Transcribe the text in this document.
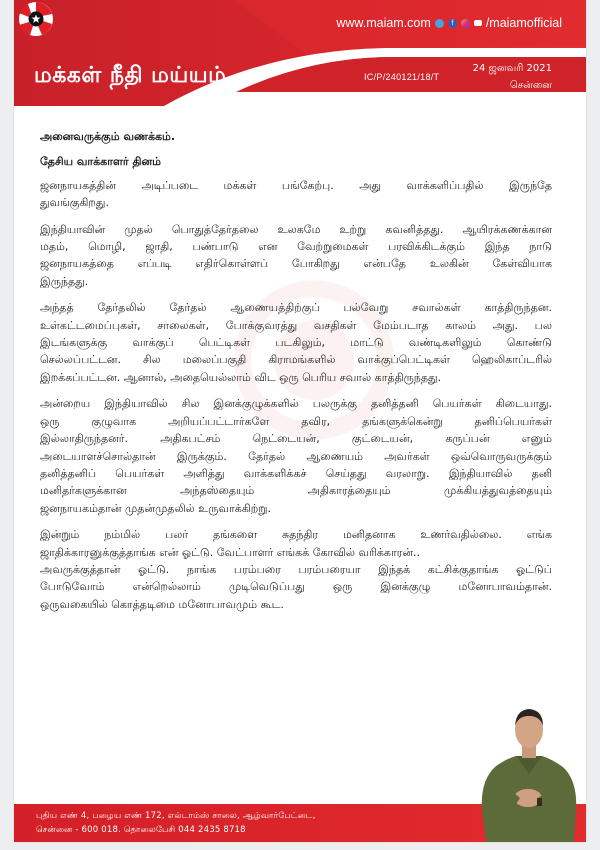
மக்கள் நீதி மய்யம்
www.maiam.com	f	/maiamofficial
IC/P/240121/18/T
24 ஜனவரி 2021
சென்னை

அனைவருக்கும் வணக்கம்.

தேசிய வாக்காளர் தினம்

ஜனநாயகத்தின் அடிப்படை மக்கள் பங்கேற்பு. அது வாக்களிப்பதில் இருந்தே
துவங்குகிறது.
இந்தியாவின் முதல் பொதுத்தேர்தலை உலகமே உற்று கவனித்தது. ஆயிரக்கணக்கான
மதம், மொழி, ஜாதி, பண்பாடு என வேற்றுமைகள் பரவிக்கிடக்கும் இந்த நாடு
ஜனநாயகத்தை எப்படி எதிர்கொள்ளப் போகிறது என்பதே உலகின் கேள்வியாக
இருந்தது.
அந்தத் தேர்தலில் தேர்தல் ஆணையத்திற்குப் பல்வேறு சவால்கள் காத்திருந்தன.
உள்கட்டமைப்புகள், சாலைகள், போக்குவரத்து வசதிகள் மேம்படாத காலம் அது. பல
இடங்களுக்கு வாக்குப் பெட்டிகள் படகிலும், மாட்டு வண்டிகளிலும் கொண்டு
செல்லப்பட்டன. சில மலைப்பகுதி கிராமங்களில் வாக்குப்பெட்டிகள் ஹெலிகாப்டரில்
இறக்கப்பட்டன. ஆனால், அதையெல்லாம் விட ஒரு பெரிய சவால் காத்திருந்தது.
அன்றைய இந்தியாவில் சில இனக்குழுக்களில் பலருக்கு தனித்தனி பெயர்கள் கிடையாது.
ஒரு குழுவாக அறியப்பட்டார்களே தவிர, தங்களுக்கென்று தனிப்பெயர்கள்
இல்லாதிருந்தனர். அதிகபட்சம் நெட்டையன், குட்டையன், கருப்பன் எனும்
அடையாளச்சொல்தான் இருக்கும். தேர்தல் ஆணையம் அவர்கள் ஒவ்வொருவருக்கும்
தனித்தனிப் பெயர்கள் அளித்து வாக்களிக்கச் செய்தது வரலாறு. இந்தியாவில் தனி
மனிதர்களுக்கான அந்தஸ்தையும் அதிகாரத்தையும் முக்கியத்துவத்தையும்
ஜனநாயகம்தான் முதன்முதலில் உருவாக்கிற்று.
இன்றும் நம்மில் பலர் தங்களை சுதந்திர மனிதனாக உணர்வதில்லை. எங்க
ஜாதிக்காரனுக்குத்தாங்க என் ஓட்டு. வேட்பாளர் எங்கக் கோவில் வரிக்காரன்..
அவருக்குத்தான் ஓட்டு. நாங்க பரம்பரை பரம்பரையா இந்தக் கட்சிக்குதாங்க ஓட்டுப்
போடுவோம் என்றெல்லாம் முடிவெடுப்பது ஒரு இனக்குழு மனோபாவம்தான்.
ஒருவகையில் கொத்தடிமை மனோபாவமும் கூட.
புதிய எண் 4, பழைய எண் 172, எல்டாம்ஸ் சாலை, ஆழ்வார்பேட்டை,
சென்னை - 600 018. தொலைபேசி 044 2435 8718
